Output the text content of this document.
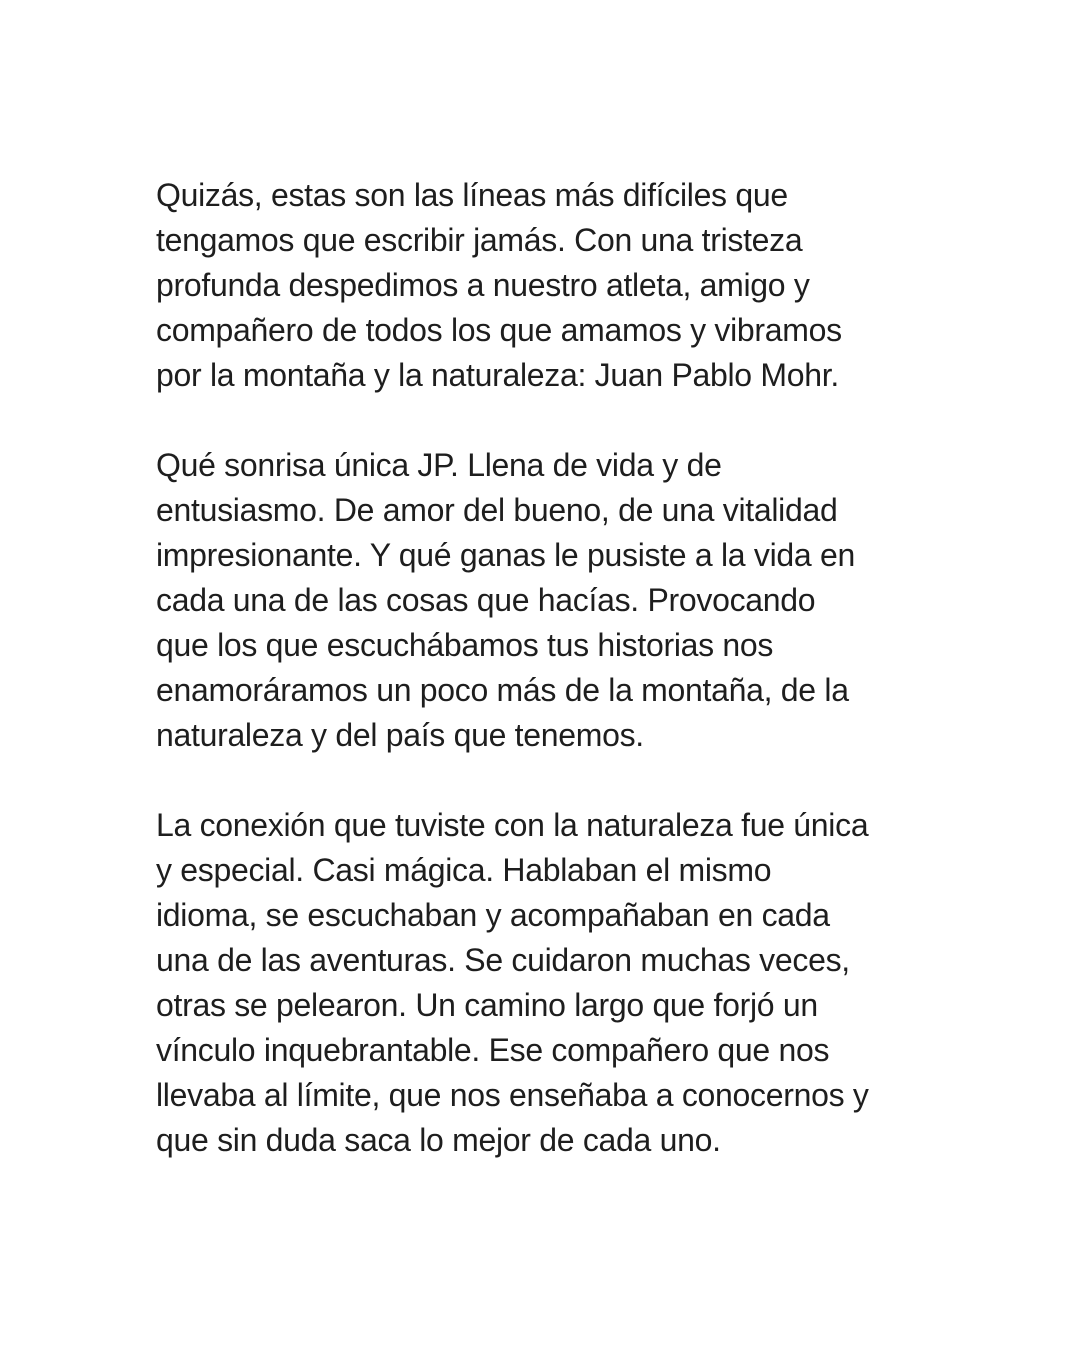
Quizás, estas son las líneas más difíciles que
tengamos que escribir jamás. Con una tristeza
profunda despedimos a nuestro atleta, amigo y
compañero de todos los que amamos y vibramos
por la montaña y la naturaleza: Juan Pablo Mohr.
Qué sonrisa única JP. Llena de vida y de
entusiasmo. De amor del bueno, de una vitalidad
impresionante. Y qué ganas le pusiste a la vida en
cada una de las cosas que hacías. Provocando
que los que escuchábamos tus historias nos
enamoráramos un poco más de la montaña, de la
naturaleza y del país que tenemos.
La conexión que tuviste con la naturaleza fue única
y especial. Casi mágica. Hablaban el mismo
idioma, se escuchaban y acompañaban en cada
una de las aventuras. Se cuidaron muchas veces,
otras se pelearon. Un camino largo que forjó un
vínculo inquebrantable. Ese compañero que nos
llevaba al límite, que nos enseñaba a conocernos y
que sin duda saca lo mejor de cada uno.
